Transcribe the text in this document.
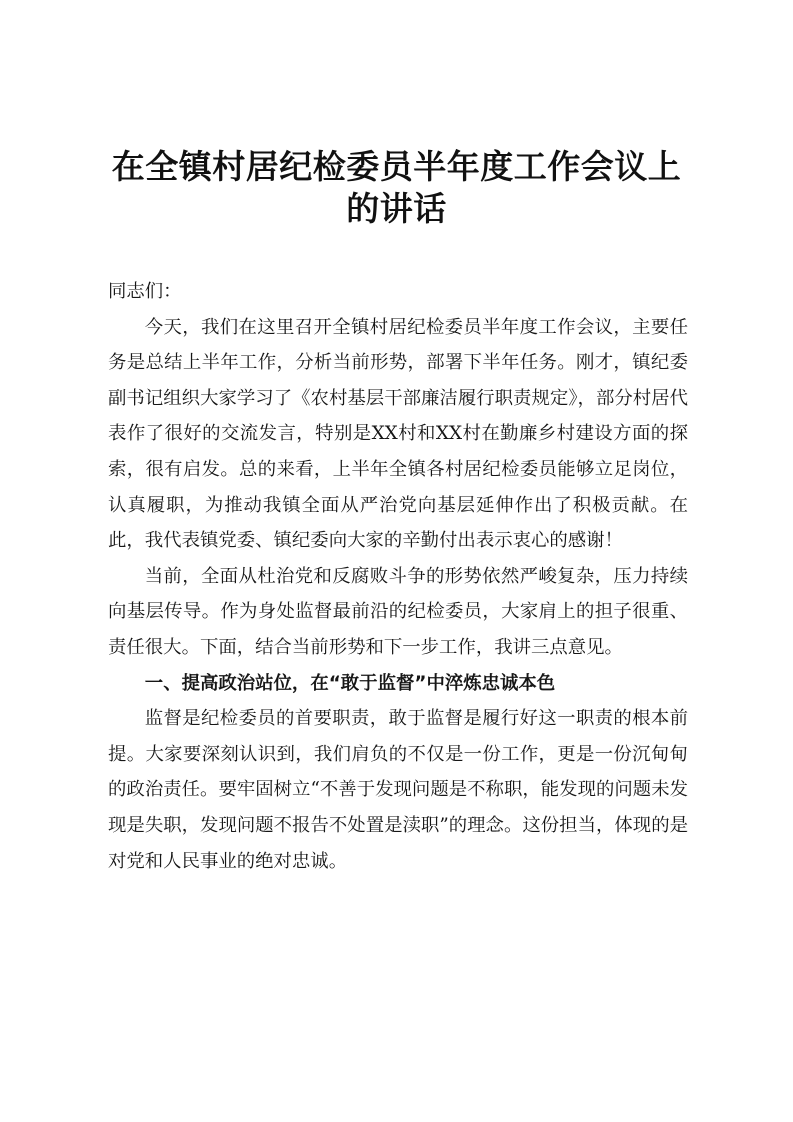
在全镇村居纪检委员半年度工作会议上的讲话

同志们：

今天，我们在这里召开全镇村居纪检委员半年度工作会议，主要任务是总结上半年工作，分析当前形势，部署下半年任务。刚才，镇纪委副书记组织大家学习了《农村基层干部廉洁履行职责规定》，部分村居代表作了很好的交流发言，特别是XX村和XX村在勤廉乡村建设方面的探索，很有启发。总的来看，上半年全镇各村居纪检委员能够立足岗位，认真履职，为推动我镇全面从严治党向基层延伸作出了积极贡献。在此，我代表镇党委、镇纪委向大家的辛勤付出表示衷心的感谢！

当前，全面从杜治党和反腐败斗争的形势依然严峻复杂，压力持续向基层传导。作为身处监督最前沿的纪检委员，大家肩上的担子很重、责任很大。下面，结合当前形势和下一步工作，我讲三点意见。

一、提高政治站位，在“敢于监督”中淬炼忠诚本色

监督是纪检委员的首要职责，敢于监督是履行好这一职责的根本前提。大家要深刻认识到，我们肩负的不仅是一份工作，更是一份沉甸甸的政治责任。要牢固树立“不善于发现问题是不称职，能发现的问题未发现是失职，发现问题不报告不处置是渎职”的理念。这份担当，体现的是对党和人民事业的绝对忠诚。
